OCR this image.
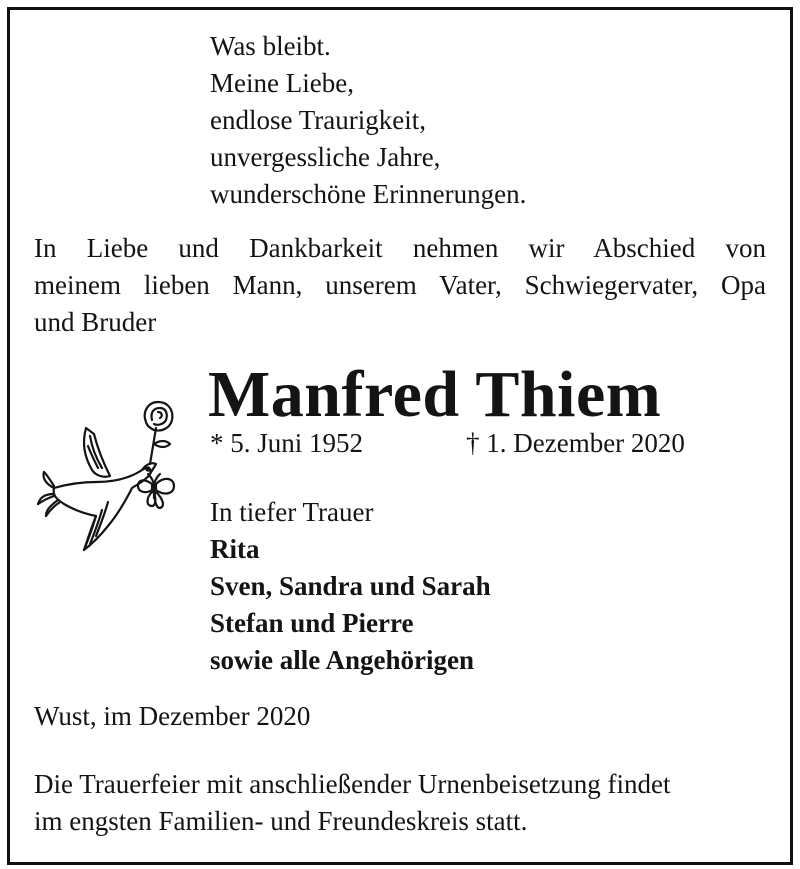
Was bleibt.
Meine Liebe,
endlose Traurigkeit,
unvergessliche Jahre,
wunderschöne Erinnerungen.
In Liebe und Dankbarkeit nehmen wir Abschied von
meinem lieben Mann, unserem Vater, Schwiegervater, Opa
und Bruder
Manfred Thiem
* 5. Juni 1952	† 1. Dezember 2020
In tiefer Trauer
Rita
Sven, Sandra und Sarah
Stefan und Pierre
sowie alle Angehörigen
Wust, im Dezember 2020
Die Trauerfeier mit anschließender Urnenbeisetzung findet
im engsten Familien- und Freundeskreis statt.
